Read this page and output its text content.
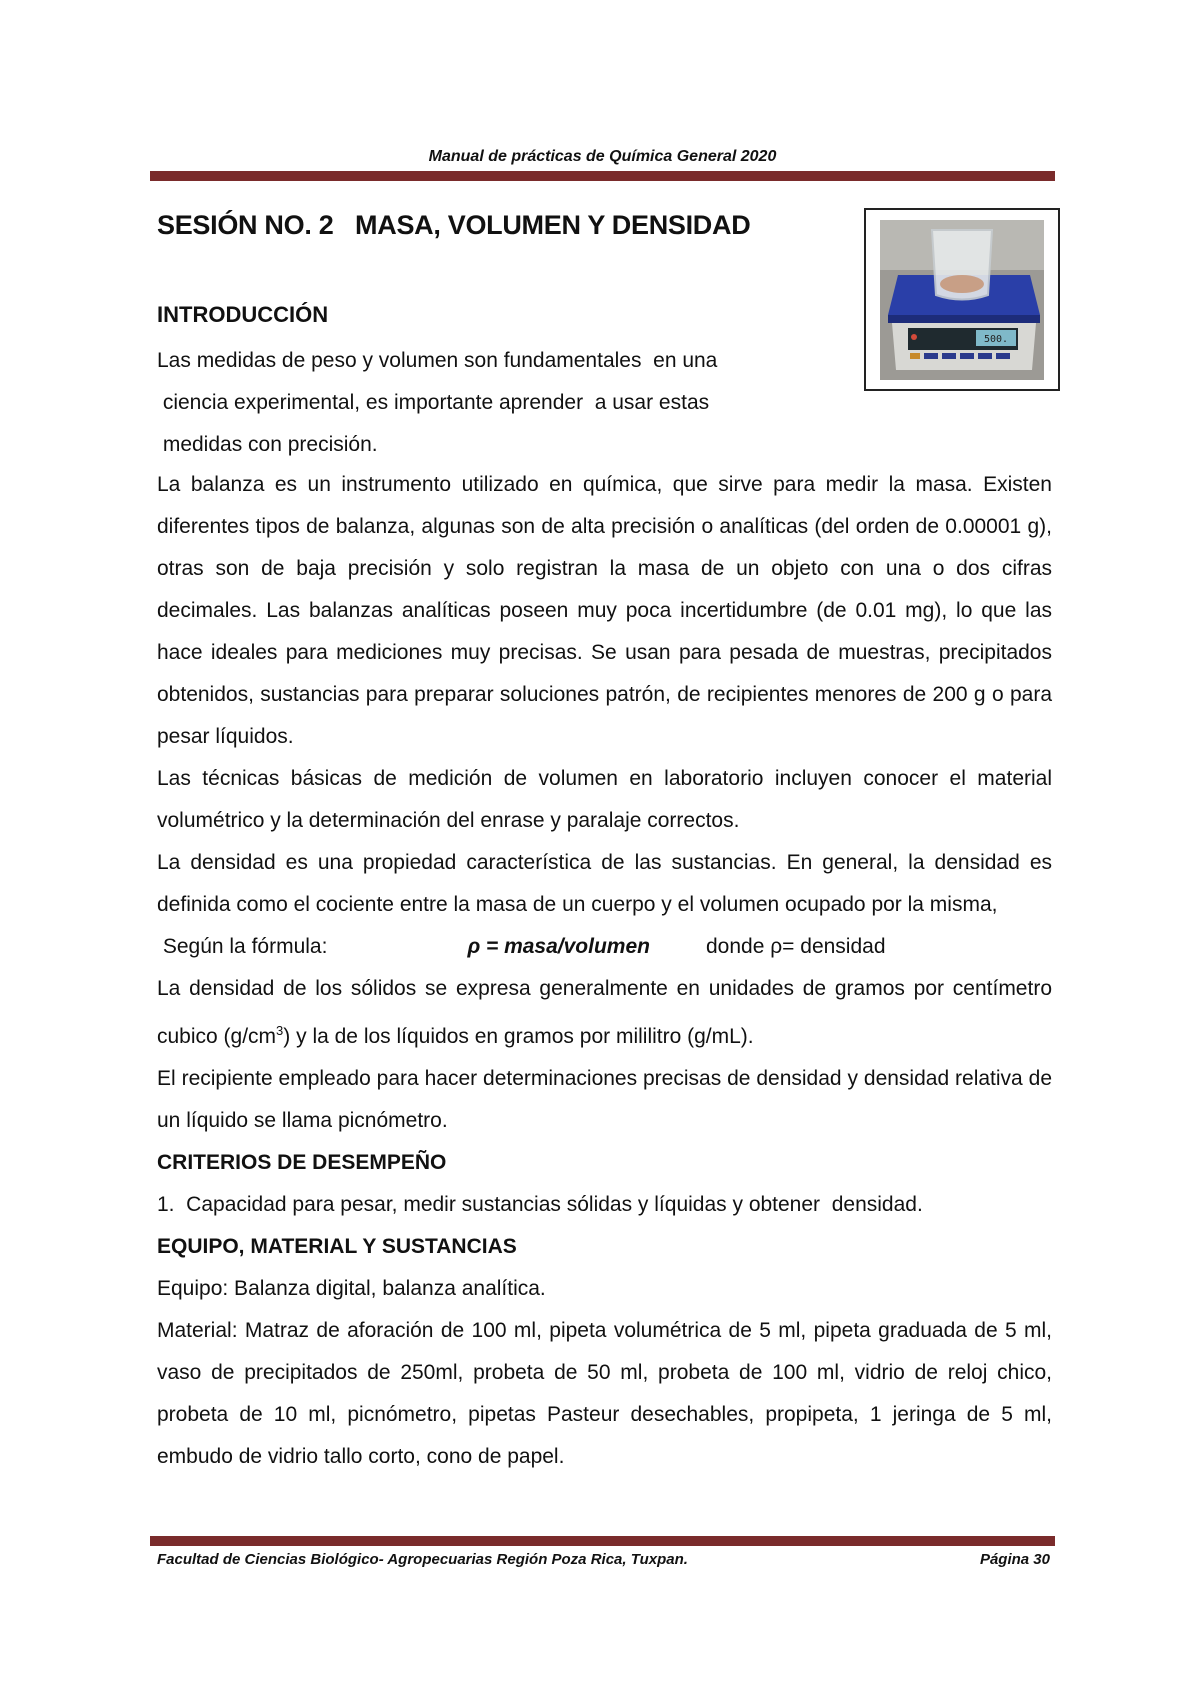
Manual de prácticas de Química General 2020
SESIÓN NO. 2   MASA, VOLUMEN Y DENSIDAD
INTRODUCCIÓN
Las medidas de peso y volumen son fundamentales  en una
ciencia experimental, es importante aprender  a usar estas
medidas con precisión.
500.

La balanza es un instrumento utilizado en química, que sirve para medir la masa. Existen diferentes tipos de balanza, algunas son de alta precisión o analíticas (del orden de 0.00001 g), otras son de baja precisión y solo registran la masa de un objeto con una o dos cifras decimales. Las balanzas analíticas poseen muy poca incertidumbre (de 0.01 mg), lo que las hace ideales para mediciones muy precisas. Se usan para pesada de muestras, precipitados obtenidos, sustancias para preparar soluciones patrón, de recipientes menores de 200 g o para pesar líquidos.

Las técnicas básicas de medición de volumen en laboratorio incluyen conocer el material volumétrico y la determinación del enrase y paralaje correctos.

La densidad es una propiedad característica de las sustancias. En general, la densidad es definida como el cociente entre la masa de un cuerpo y el volumen ocupado por la misma,

Según la fórmula:	ρ = masa/volumen	donde ρ= densidad

La densidad de los sólidos se expresa generalmente en unidades de gramos por centímetro cubico $(g/cm^3)$ y la de los líquidos en gramos por mililitro (g/mL).

El recipiente empleado para hacer determinaciones precisas de densidad y densidad relativa de un líquido se llama picnómetro.

CRITERIOS DE DESEMPEÑO

1.  Capacidad para pesar, medir sustancias sólidas y líquidas y obtener  densidad.

EQUIPO, MATERIAL Y SUSTANCIAS

Equipo: Balanza digital, balanza analítica.

Material: Matraz de aforación de 100 ml, pipeta volumétrica de 5 ml, pipeta graduada de 5 ml, vaso de precipitados de 250ml, probeta de 50 ml, probeta de 100 ml, vidrio de reloj chico, probeta de 10 ml, picnómetro, pipetas Pasteur desechables, propipeta, 1 jeringa de 5 ml, embudo de vidrio tallo corto, cono de papel.

Facultad de Ciencias Biológico- Agropecuarias Región Poza Rica, Tuxpan.	Página 30
